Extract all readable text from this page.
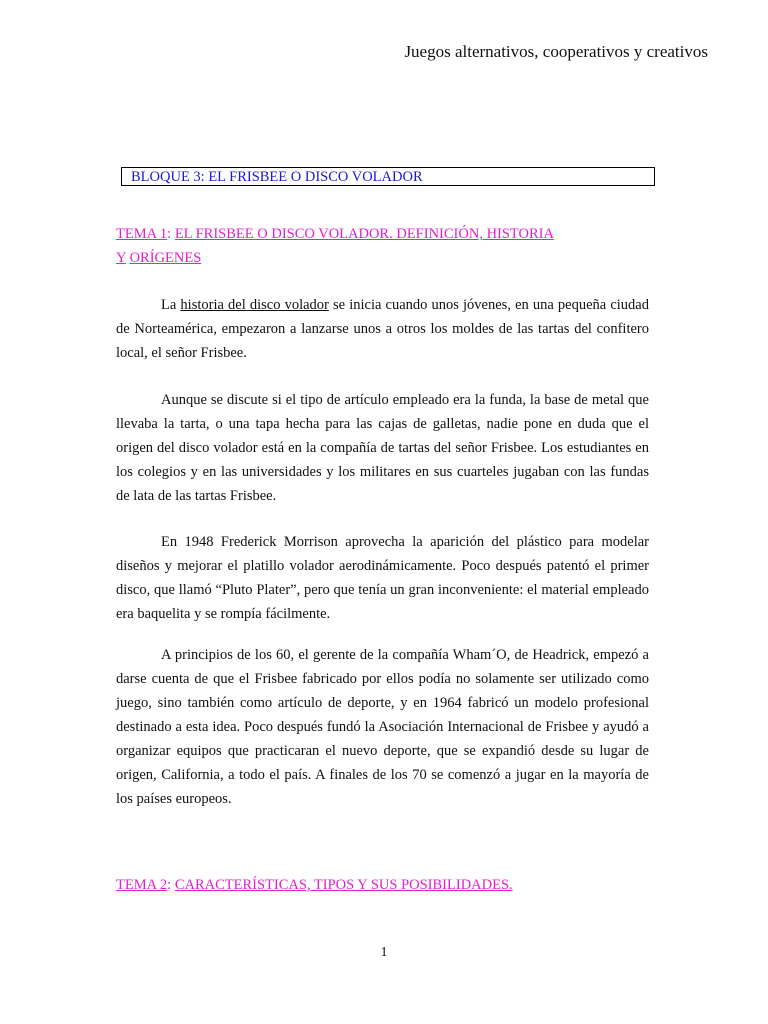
Juegos alternativos, cooperativos y creativos
BLOQUE 3: EL FRISBEE O DISCO VOLADOR
TEMA 1: EL FRISBEE O DISCO VOLADOR. DEFINICIÓN, HISTORIA
Y ORÍGENES

La historia del disco volador se inicia cuando unos jóvenes, en una pequeña ciudad de Norteamérica, empezaron a lanzarse unos a otros los moldes de las tartas del confitero local, el señor Frisbee.

Aunque se discute si el tipo de artículo empleado era la funda, la base de metal que llevaba la tarta, o una tapa hecha para las cajas de galletas, nadie pone en duda que el origen del disco volador está en la compañía de tartas del señor Frisbee. Los estudiantes en los colegios y en las universidades y los militares en sus cuarteles jugaban con las fundas de lata de las tartas Frisbee.

En 1948 Frederick Morrison aprovecha la aparición del plástico para modelar diseños y mejorar el platillo volador aerodinámicamente. Poco después patentó el primer disco, que llamó “Pluto Plater”, pero que tenía un gran inconveniente: el material empleado era baquelita y se rompía fácilmente.

A principios de los 60, el gerente de la compañía Wham´O, de Headrick, empezó a darse cuenta de que el Frisbee fabricado por ellos podía no solamente ser utilizado como juego, sino también como artículo de deporte, y en 1964 fabricó un modelo profesional destinado a esta idea. Poco después fundó la Asociación Internacional de Frisbee y ayudó a organizar equipos que practicaran el nuevo deporte, que se expandió desde su lugar de origen, California, a todo el país. A finales de los 70 se comenzó a jugar en la mayoría de los países europeos.

TEMA 2: CARACTERÍSTICAS, TIPOS Y SUS POSIBILIDADES.
1
